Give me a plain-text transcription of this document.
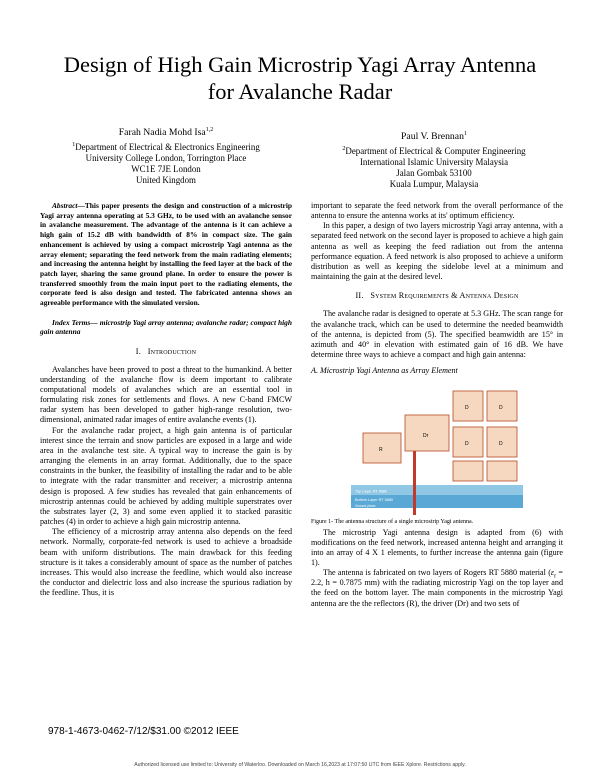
Design of High Gain Microstrip Yagi Array Antenna
for Avalanche Radar
Farah Nadia Mohd Isa$^{1,2}$
$^1$Department of Electrical & Electronics Engineering
University College London, Torrington Place
WC1E 7JE London
United Kingdom
Paul V. Brennan$^1$
$^2$Department of Electrical & Computer Engineering
International Islamic University Malaysia
Jalan Gombak 53100
Kuala Lumpur, Malaysia

Abstract—This paper presents the design and construction of a microstrip Yagi array antenna operating at 5.3 GHz, to be used with an avalanche sensor in avalanche measurement. The advantage of the antenna is it can achieve a high gain of 15.2 dB with bandwidth of 8% in compact size. The gain enhancement is achieved by using a compact microstrip Yagi antenna as the array element; separating the feed network from the main radiating elements; and increasing the antenna height by installing the feed layer at the back of the patch layer, sharing the same ground plane. In order to ensure the power is transferred smoothly from the main input port to the radiating elements, the corporate feed is also design and tested. The fabricated antenna shows an agreeable performance with the simulated version.

Index Terms— microstrip Yagi array antenna; avalanche radar; compact high gain antenna

I. Introduction

Avalanches have been proved to post a threat to the humankind. A better understanding of the avalanche flow is deem important to calibrate computational models of avalanches which are an essential tool in formulating risk zones for settlements and flows. A new C-band FMCW radar system has been developed to gather high-range resolution, two-dimensional, animated radar images of entire avalanche events (1).

For the avalanche radar project, a high gain antenna is of particular interest since the terrain and snow particles are exposed in a large and wide area in the avalanche test site. A typical way to increase the gain is by arranging the elements in an array format. Additionally, due to the space constraints in the bunker, the feasibility of installing the radar and to be able to integrate with the radar transmitter and receiver; a microstrip antenna design is proposed. A few studies has revealed that gain enhancements of microstrip antennas could be achieved by adding multiple superstrates over the substrates layer (2, 3) and some even applied it to stacked parasitic patches (4) in order to achieve a high gain microstrip antenna.

The efficiency of a microstrip array antenna also depends on the feed network. Normally, corporate-fed network is used to achieve a broadside beam with uniform distributions. The main drawback for this feeding structure is it takes a considerably amount of space as the number of patches increases. This would also increase the feedline, which would also increase the conductor and dielectric loss and also increase the spurious radiation by the feedline. Thus, it is

important to separate the feed network from the overall performance of the antenna to ensure the antenna works at its' optimum efficiency.

In this paper, a design of two layers microstrip Yagi array antenna, with a separated feed network on the second layer is proposed to achieve a high gain antenna as well as keeping the feed radiation out from the antenna performance equation. A feed network is also proposed to achieve a uniform distribution as well as keeping the sidelobe level at a minimum and maintaining the gain at the desired level.

II. System Requirements & Antenna Design

The avalanche radar is designed to operate at 5.3 GHz. The scan range for the avalanche track, which can be used to determine the needed beamwidth of the antenna, is depicted from (5). The specified beamwidth are 15° in azimuth and 40° in elevation with estimated gain of 16 dB. We have determine three ways to achieve a compact and high gain antenna:

A. Microstrip Yagi Antenna as Array Element
Top Layer RT 5880
Bottom Layer RT 5880
Ground plane
R
Dr
D	D
D	D

Figure 1- The antenna structure of a single microstrip Yagi antenna.

The microstrip Yagi antenna design is adapted from (6) with modifications on the feed network, increased antenna height and arranging it into an array of 4 X 1 elements, to further increase the antenna gain (figure 1).

The antenna is fabricated on two layers of Rogers RT 5880 material ($\varepsilon_r = 2.2$, h = 0.7875 mm) with the radiating microstrip Yagi on the top layer and the feed on the bottom layer. The main components in the microstrip Yagi antenna are the the reflectors (R), the driver (Dr) and two sets of

978-1-4673-0462-7/12/$31.00 ©2012 IEEE
Authorized licensed use limited to: University of Waterloo. Downloaded on March 16,2023 at 17:07:50 UTC from IEEE Xplore. Restrictions apply.
